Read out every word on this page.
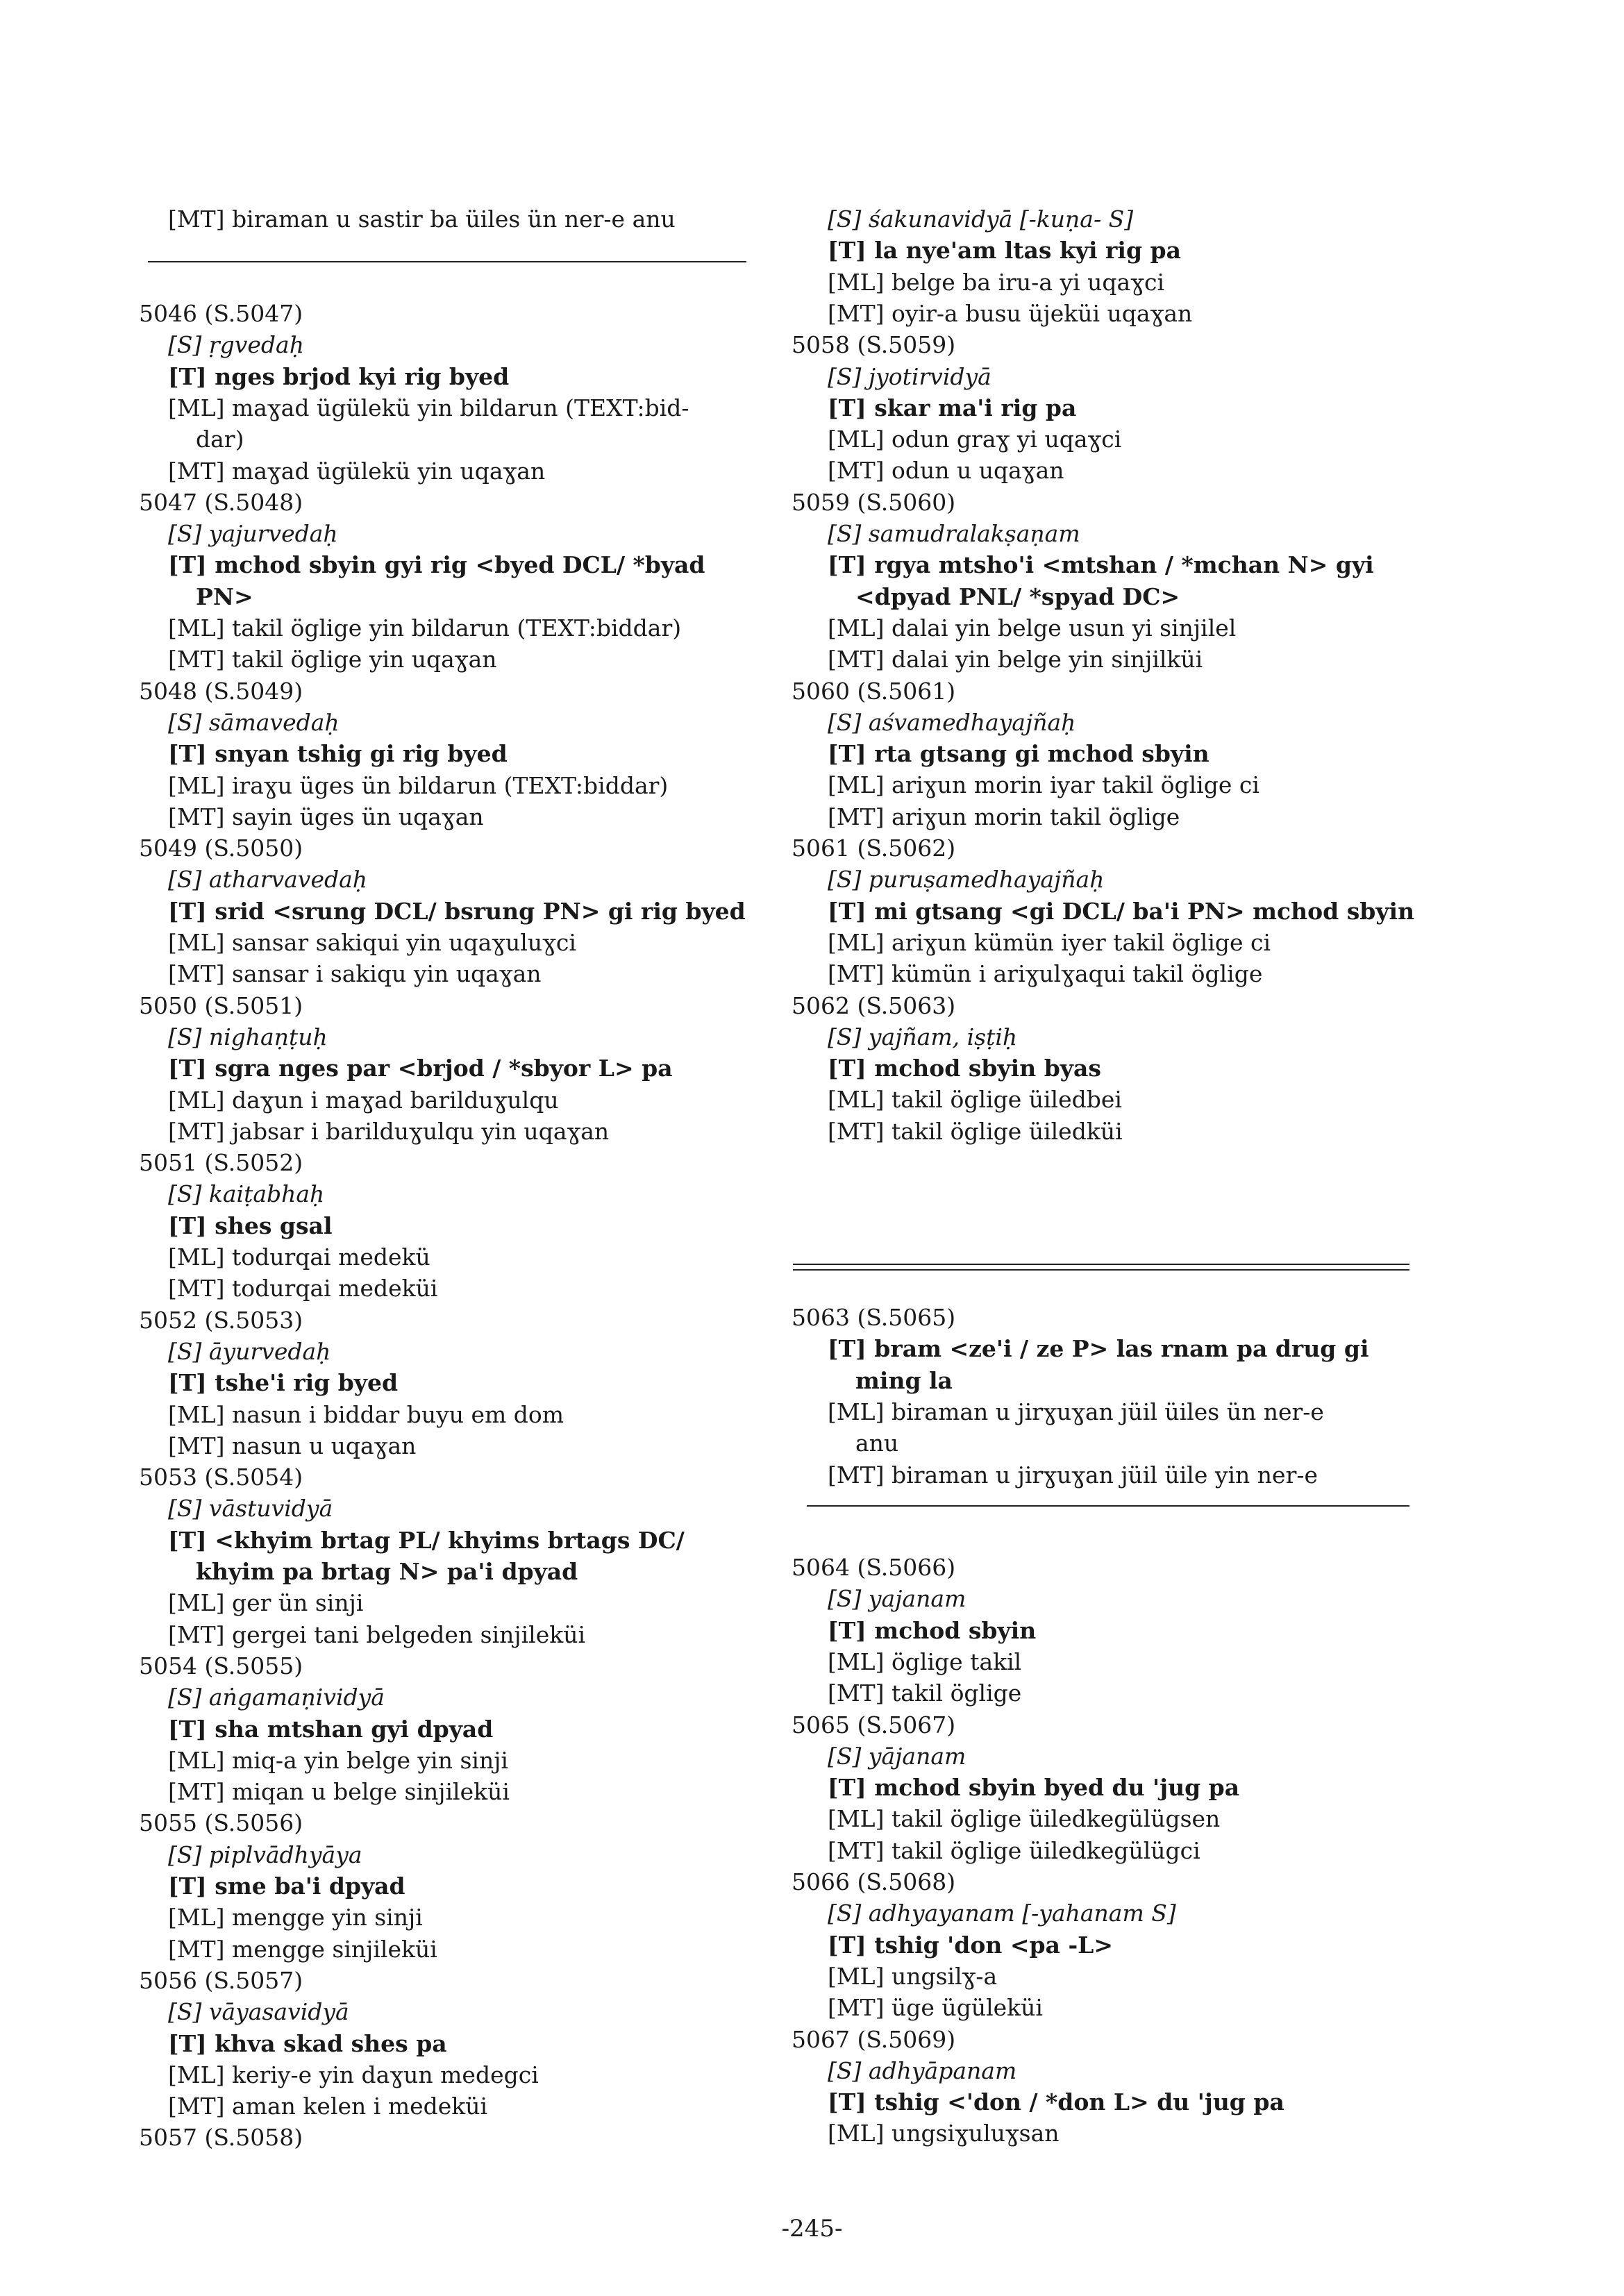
[MT] biraman u sastir ba üiles ün ner-e anu
5046 (S.5047)
[S] ṛgvedaḥ
[T] nges brjod kyi rig byed
[ML] maɣad ügülekü yin bildarun (TEXT:bid-
dar)
[MT] maɣad ügülekü yin uqaɣan
5047 (S.5048)
[S] yajurvedaḥ
[T] mchod sbyin gyi rig <byed DCL/ *byad
PN>
[ML] takil öglige yin bildarun (TEXT:biddar)
[MT] takil öglige yin uqaɣan
5048 (S.5049)
[S] sāmavedaḥ
[T] snyan tshig gi rig byed
[ML] iraɣu üges ün bildarun (TEXT:biddar)
[MT] sayin üges ün uqaɣan
5049 (S.5050)
[S] atharvavedaḥ
[T] srid <srung DCL/ bsrung PN> gi rig byed
[ML] sansar sakiqui yin uqaɣuluɣci
[MT] sansar i sakiqu yin uqaɣan
5050 (S.5051)
[S] nighaṇṭuḥ
[T] sgra nges par <brjod / *sbyor L> pa
[ML] daɣun i maɣad barilduɣulqu
[MT] jabsar i barilduɣulqu yin uqaɣan
5051 (S.5052)
[S] kaiṭabhaḥ
[T] shes gsal
[ML] todurqai medekü
[MT] todurqai medeküi
5052 (S.5053)
[S] āyurvedaḥ
[T] tshe'i rig byed
[ML] nasun i biddar buyu em dom
[MT] nasun u uqaɣan
5053 (S.5054)
[S] vāstuvidyā
[T] <khyim brtag PL/ khyims brtags DC/
khyim pa brtag N> pa'i dpyad
[ML] ger ün sinji
[MT] gergei tani belgeden sinjileküi
5054 (S.5055)
[S] aṅgamaṇividyā
[T] sha mtshan gyi dpyad
[ML] miq-a yin belge yin sinji
[MT] miqan u belge sinjileküi
5055 (S.5056)
[S] piplvādhyāya
[T] sme ba'i dpyad
[ML] mengge yin sinji
[MT] mengge sinjileküi
5056 (S.5057)
[S] vāyasavidyā
[T] khva skad shes pa
[ML] keriy-e yin daɣun medegci
[MT] aman kelen i medeküi
5057 (S.5058)
[S] śakunavidyā [-kuṇa- S]
[T] la nye'am ltas kyi rig pa
[ML] belge ba iru-a yi uqaɣci
[MT] oyir-a busu üjeküi uqaɣan
5058 (S.5059)
[S] jyotirvidyā
[T] skar ma'i rig pa
[ML] odun graɣ yi uqaɣci
[MT] odun u uqaɣan
5059 (S.5060)
[S] samudralakṣaṇam
[T] rgya mtsho'i <mtshan / *mchan N> gyi
<dpyad PNL/ *spyad DC>
[ML] dalai yin belge usun yi sinjilel
[MT] dalai yin belge yin sinjilküi
5060 (S.5061)
[S] aśvamedhayajñaḥ
[T] rta gtsang gi mchod sbyin
[ML] ariɣun morin iyar takil öglige ci
[MT] ariɣun morin takil öglige
5061 (S.5062)
[S] puruṣamedhayajñaḥ
[T] mi gtsang <gi DCL/ ba'i PN> mchod sbyin
[ML] ariɣun kümün iyer takil öglige ci
[MT] kümün i ariɣulɣaqui takil öglige
5062 (S.5063)
[S] yajñam, iṣṭiḥ
[T] mchod sbyin byas
[ML] takil öglige üiledbei
[MT] takil öglige üiledküi
5063 (S.5065)
[T] bram <ze'i / ze P> las rnam pa drug gi
ming la
[ML] biraman u jirɣuɣan jüil üiles ün ner-e
anu
[MT] biraman u jirɣuɣan jüil üile yin ner-e
5064 (S.5066)
[S] yajanam
[T] mchod sbyin
[ML] öglige takil
[MT] takil öglige
5065 (S.5067)
[S] yājanam
[T] mchod sbyin byed du 'jug pa
[ML] takil öglige üiledkegülügsen
[MT] takil öglige üiledkegülügci
5066 (S.5068)
[S] adhyayanam [-yahanam S]
[T] tshig 'don <pa -L>
[ML] ungsilɣ-a
[MT] üge ügüleküi
5067 (S.5069)
[S] adhyāpanam
[T] tshig <'don / *don L> du 'jug pa
[ML] ungsiɣuluɣsan
-245-
